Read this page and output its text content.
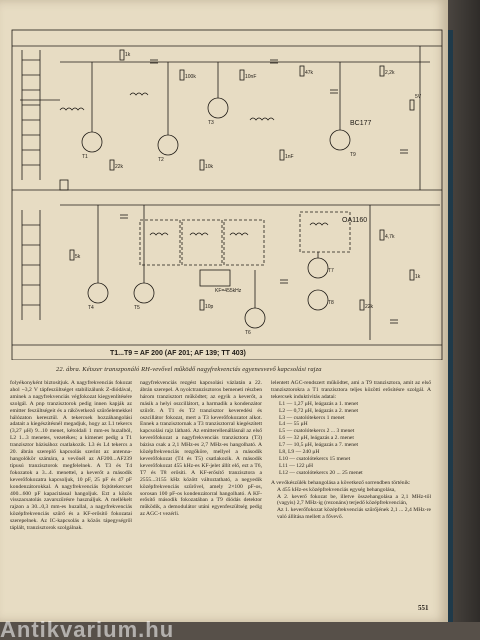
BC177
OA1160
KF=455kHz
T1...T9 = AF 200 (AF 201; AF 139; TT 403)
1k
100k	10nF
47k	2,2k
5V
22k	10k
1nF
4,7k
1k
5k
10p	22k
T1	T2
T3
T4	T5
T6
T7
T8
T9
22. ábra. Kétszer transzponáló RH-vevővel működő nagyfrekvenciás egyenesvevő kapcsolási rajza

folyékonyként biztosítjuk. A nagyfrekvenciás fokozat ahol ~3,2 V tápfeszültséget stabilizálunk Z-diódával, aminek a nagyfrekvenciás végfokozat kiegyenlítésére szolgál. A pnp tranzisztorok pedig innen kapják az emitter feszültségeit és a rákövetkező szűrőelemekkel hálózaton keresztül. A tekercsek hozzáhangolási adatait a kiegészítésnél megadjuk, hogy az L1 tekercs (3,27 μH) 9...10 menet, kétoldali 1 mm-es huzalból, L2 1...3 menetes, vezetékes; a kimenet pedig a T1 tranzisztor bázisához csatlakozik. L3 és L4 tekercs a 20. ábrán szereplő kapcsolás szerint az antenna-hangolókör számára, a vevőnél az AF200...AF239 típusú tranzisztorok megfelelnek. A T3 és T4 fokozatok a 3...4. menettel, a keverőt a második keverőfokozatra kapcsoljuk, 10 pF, 25 pF és 47 pF kondenzátorokkal. A nagyfrekvenciás fojtótekercset 400...600 pF kapacitással hangoljuk. Ezt a közös visszacsatolás zavarszűrésre használjuk. A mellékelt rajzon a 30...0,3 mm-es huzallal, a nagyfrekvenciás középfrekvenciás szűrő és a KF-erősítő fokozatai szerepelnek. Az IC-kapcsolás a közös tápegységről táplált, tranzisztorok szolgálnak.

nagyfrekvenciás rezgést kapcsolási vázlatán a 22. ábrán szerepel. A nyolctranzisztoros bemeneti részben három tranzisztort működtet; az egyik a keverőt, a másik a helyi oszcillátort, a harmadik a kondenzátor szűrőt. A T1 és T2 tranzisztor keveredési és oszcillátor fokozat, mert a T3 keverőfokozatot alkot. Ennek a tranzisztornak a T3 tranzisztorral kiegészített kapcsolási rajz látható. Az emitterellenállásnál az első keverőfokozat a nagyfrekvenciás tranzisztora (T3) bázisa csak a 2,1 MHz-es 2,7 MHz-es hangolható. A középfrekvenciás rezgőköre, mellyel a második keverőfokozat (T4 és T5) csatlakozik. A második keverőfokozat 455 kHz-es KF-jelet állít elő, ezt a T6, T7 és T8 erősíti. A KF-erősítő tranzisztora a 2555...3155 kHz között változtatható, a negyedik középfrekvenciás szűrővel, amely 2×100 pF-os, sorosan 100 pF-os kondenzátorral hangolható. A KF-erősítő második fokozatában a T9 diódás detektor működik, a demodulátor utáni egyenfeszültség pedig az AGC-t vezérli.

lelentett AGC-rendszert működtet, ami a T9 tranzisztora, amit az első tranzisztorokra a T1 tranzisztora teljes közötti erősítésre szolgál. A tekercsek induktivitás adatai:

L1 — 1,27 μH, leágazás a 1. menet
L2 — 0,72 μH, leágazás a 2. menet
L3 — csatolótekercs 1 menet
L4 — 55 μH
L5 — csatolótekercs 2 ... 3 menet
L6 — 32 μH, leágazás a 2. menet
L7 — 10,5 μH, leágazás a 7. menet
L8, L9 — 240 μH
L10 — csatolótekercs 15 menet
L11 — 122 μH
L12 — csatolótekercs 20 ... 25 menet

A vevőkészülék behangolása a következő sorrendben történik:

A 455 kHz-es középfrekvenciás egység behangolása,
A 2. keverő fokozat be, illetve összehangolása a 2,1 MHz-től (vagyis) 2,7 MHz-ig (rezonáns) terjedő középfrekvencián,
Az 1. keverőfokozat középfrekvenciás szűrőjének 2,1 ... 2,4 MHz-re való állítása mellett a fővevő.
551
Antikvarium.hu
